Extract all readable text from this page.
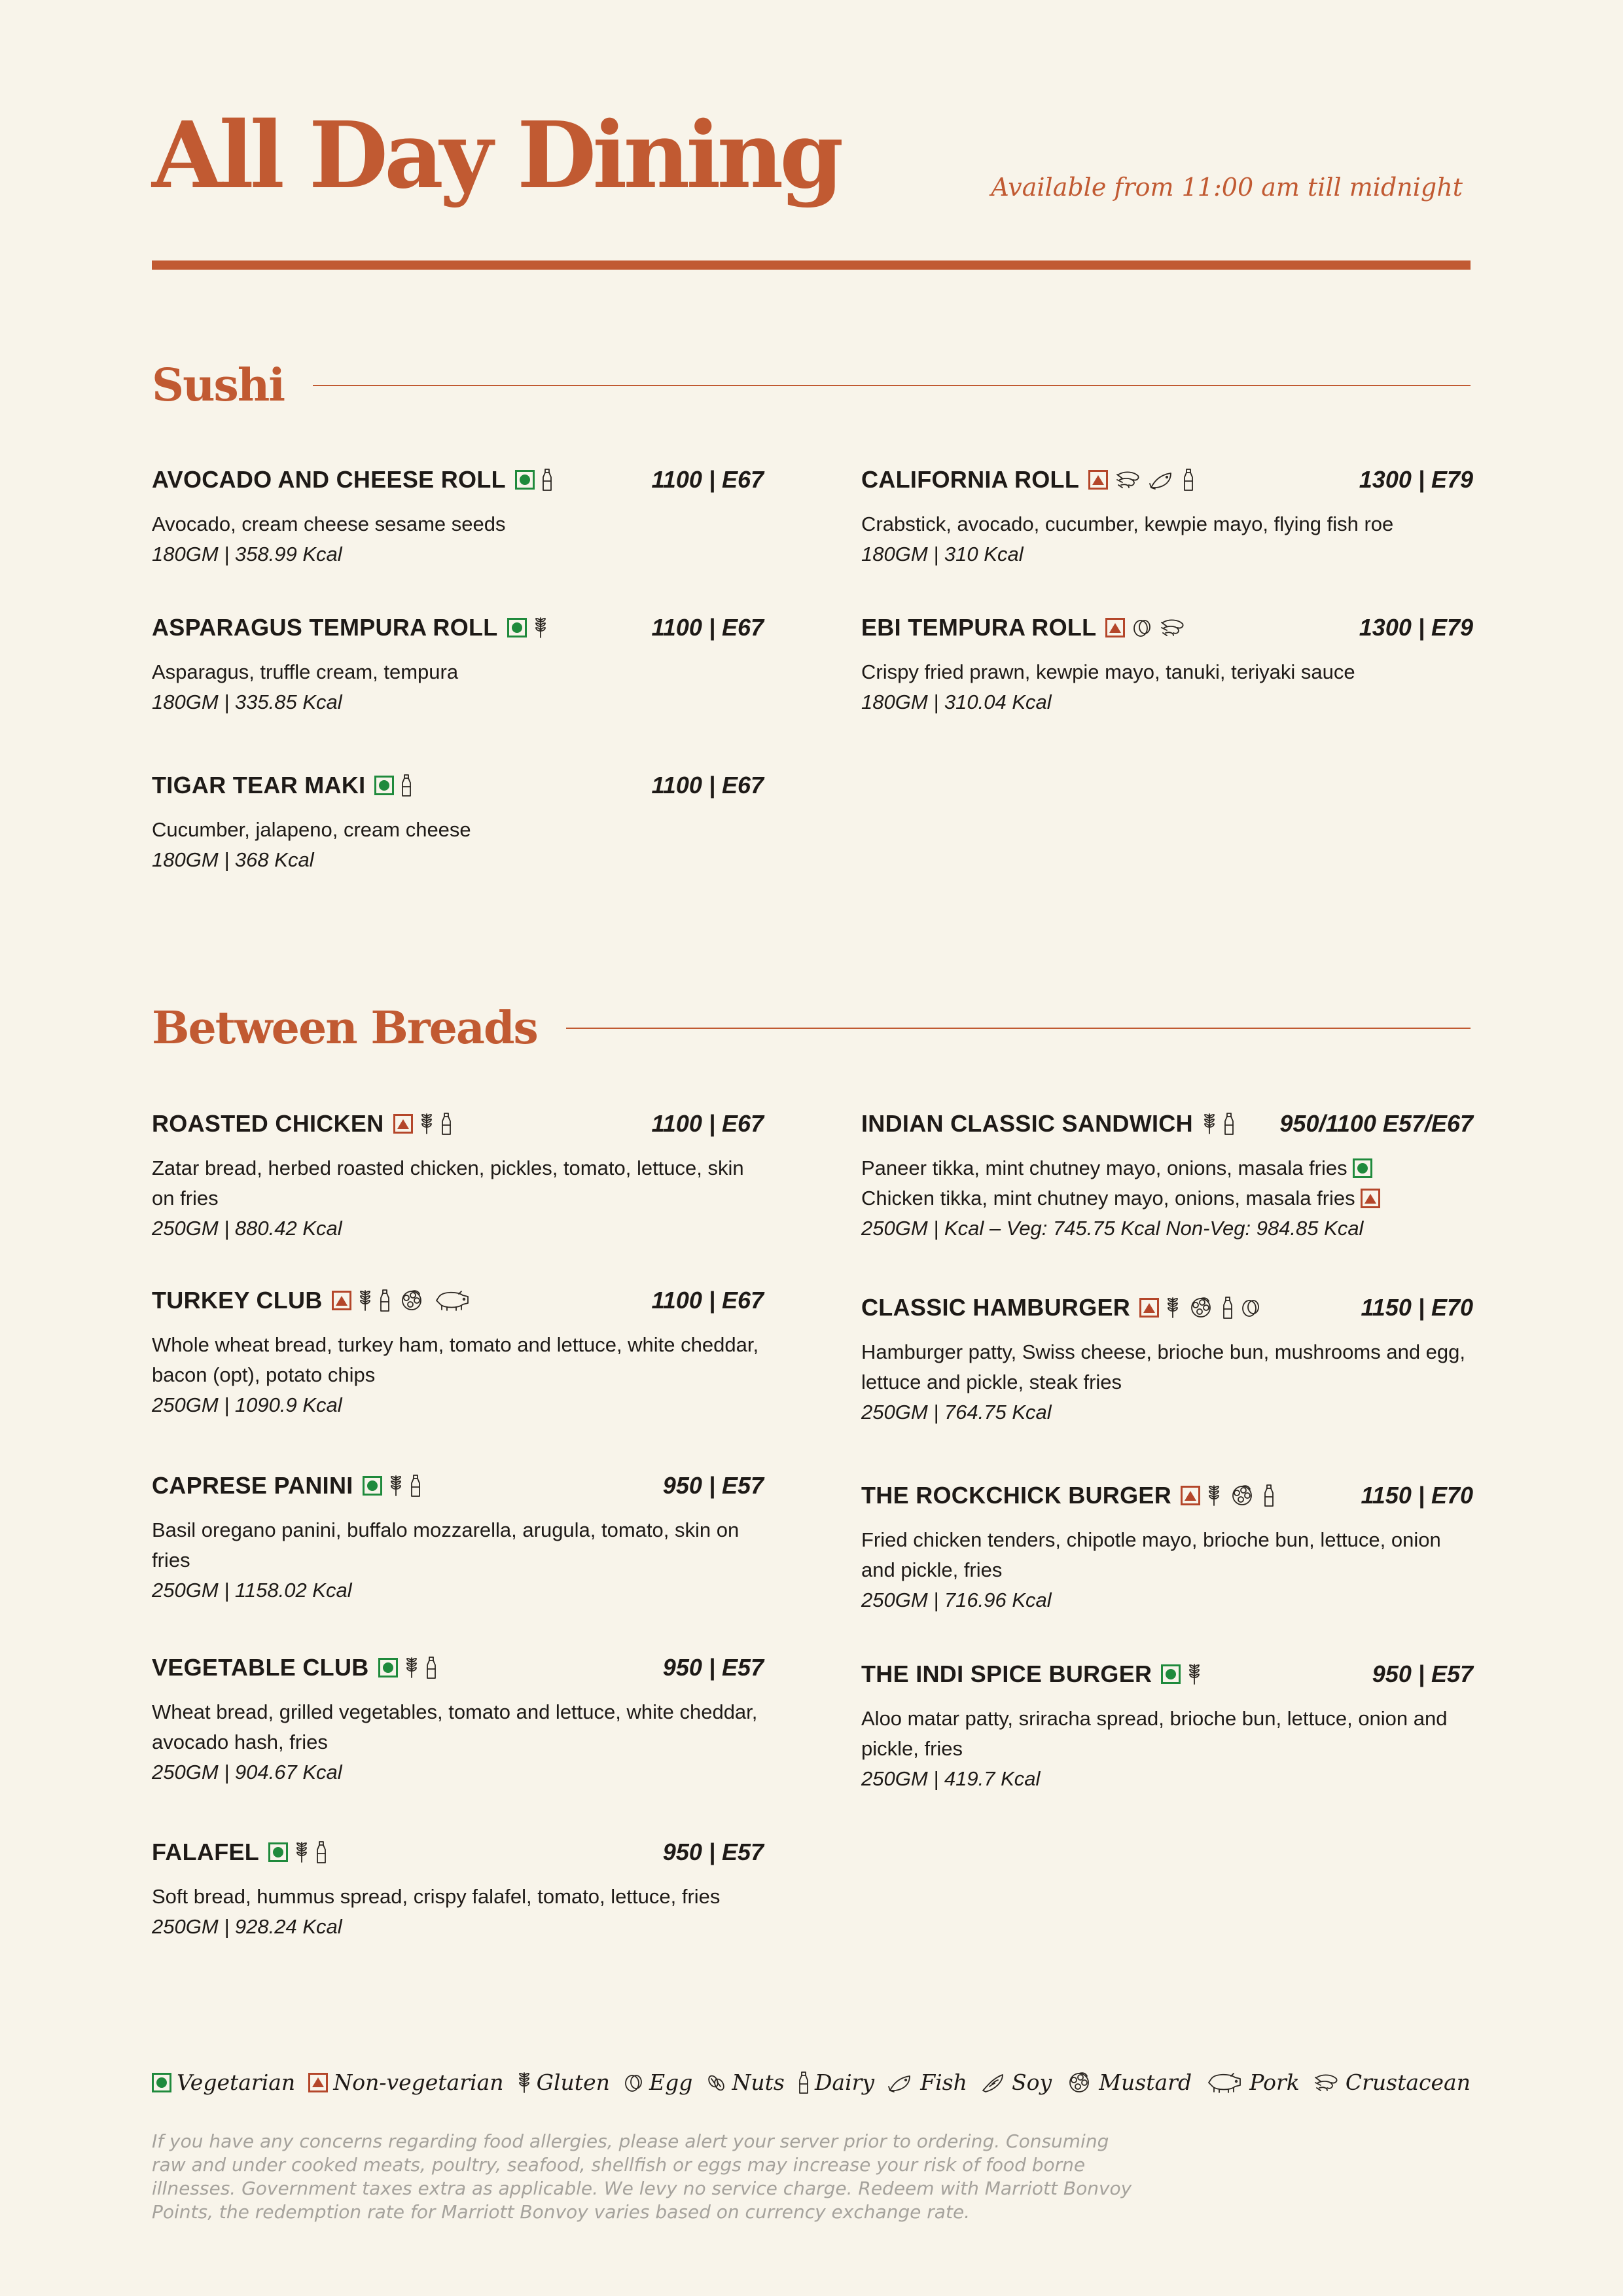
All Day Dining	Available from 11:00 am till midnight
Sushi
AVOCADO AND CHEESE ROLL	1100 | E67
Avocado, cream cheese sesame seeds
180GM | 358.99 Kcal
CALIFORNIA ROLL	1300 | E79
Crabstick, avocado, cucumber, kewpie mayo, flying fish roe
180GM | 310 Kcal
ASPARAGUS TEMPURA ROLL	1100 | E67
Asparagus, truffle cream, tempura
180GM | 335.85 Kcal
EBI TEMPURA ROLL	1300 | E79
Crispy fried prawn, kewpie mayo, tanuki, teriyaki sauce
180GM | 310.04 Kcal
TIGAR TEAR MAKI	1100 | E67
Cucumber, jalapeno, cream cheese
180GM | 368 Kcal
Between Breads
ROASTED CHICKEN	1100 | E67
Zatar bread, herbed roasted chicken, pickles, tomato, lettuce, skin on fries
250GM | 880.42 Kcal
INDIAN CLASSIC SANDWICH	950/1100 E57/E67
Paneer tikka, mint chutney mayo, onions, masala fries
Chicken tikka, mint chutney mayo, onions, masala fries
250GM | Kcal – Veg: 745.75 Kcal Non-Veg: 984.85 Kcal
TURKEY CLUB	1100 | E67
Whole wheat bread, turkey ham, tomato and lettuce, white cheddar, bacon (opt), potato chips
250GM | 1090.9 Kcal
CLASSIC HAMBURGER	1150 | E70
Hamburger patty, Swiss cheese, brioche bun, mushrooms and egg, lettuce and pickle, steak fries
250GM | 764.75 Kcal
CAPRESE PANINI	950 | E57
Basil oregano panini, buffalo mozzarella, arugula, tomato, skin on fries
250GM | 1158.02 Kcal
THE ROCKCHICK BURGER	1150 | E70
Fried chicken tenders, chipotle mayo, brioche bun, lettuce, onion and pickle, fries
250GM | 716.96 Kcal
VEGETABLE CLUB	950 | E57
Wheat bread, grilled vegetables, tomato and lettuce, white cheddar, avocado hash, fries
250GM | 904.67 Kcal
THE INDI SPICE BURGER	950 | E57
Aloo matar patty, sriracha spread, brioche bun, lettuce, onion and pickle, fries
250GM | 419.7 Kcal
FALAFEL	950 | E57
Soft bread, hummus spread, crispy falafel, tomato, lettuce, fries
250GM | 928.24 Kcal
Vegetarian Non-vegetarian Gluten Egg Nuts Dairy Fish Soy Mustard	Pork Crustacean

If you have any concerns regarding food allergies, please alert your server prior to ordering. Consuming raw and under cooked meats, poultry, seafood, shellfish or eggs may increase your risk of food borne illnesses. Government taxes extra as applicable. We levy no service charge. Redeem with Marriott Bonvoy Points, the redemption rate for Marriott Bonvoy varies based on currency exchange rate.
